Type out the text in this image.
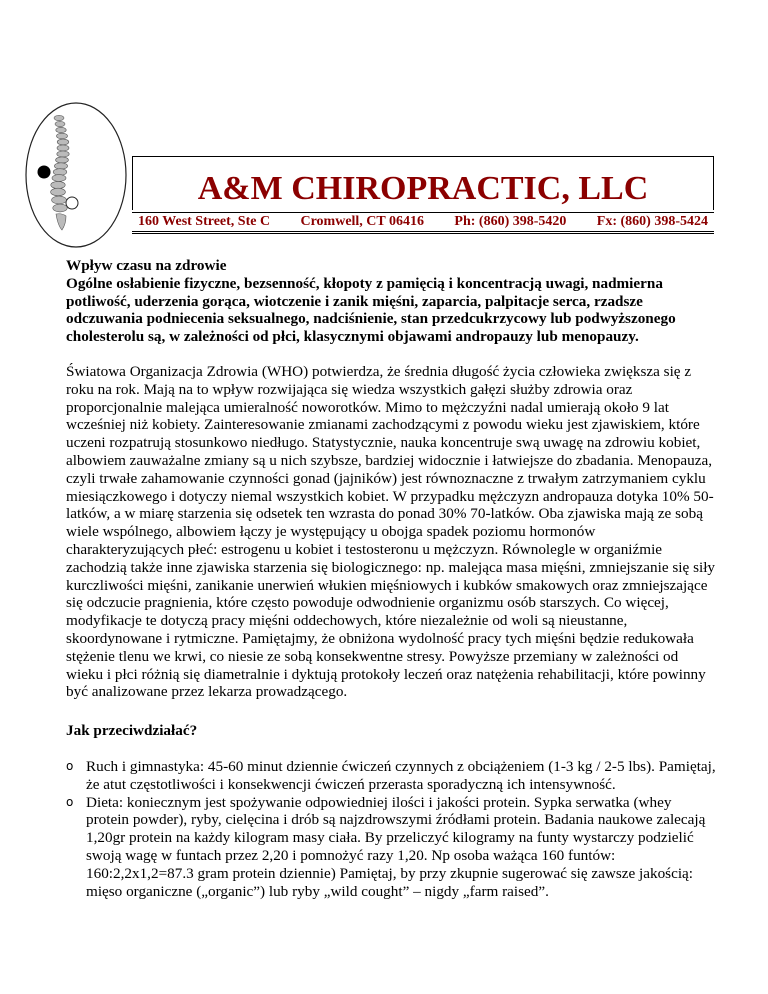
A&M CHIROPRACTIC, LLC
160 West Street, Ste C Cromwell, CT 06416 Ph: (860) 398-5420 Fx: (860) 398-5424

Wpływ czasu na zdrowie

Ogólne osłabienie fizyczne, bezsenność, kłopoty z pamięcią i koncentracją uwagi, nadmierna potliwość, uderzenia gorąca, wiotczenie i zanik mięśni, zaparcia, palpitacje serca, rzadsze odczuwania podniecenia seksualnego, nadciśnienie, stan przedcukrzycowy lub podwyższonego cholesterolu są, w zależności od płci, klasycznymi objawami andropauzy lub menopauzy.

Światowa Organizacja Zdrowia (WHO) potwierdza, że średnia długość życia człowieka zwiększa się z roku na rok. Mają na to wpływ rozwijająca się wiedza wszystkich gałęzi służby zdrowia oraz proporcjonalnie malejąca umieralność noworotków. Mimo to mężczyźni nadal umierają około 9 lat wcześniej niż kobiety. Zainteresowanie zmianami zachodzącymi z powodu wieku jest zjawiskiem, które uczeni rozpatrują stosunkowo niedługo. Statystycznie, nauka koncentruje swą uwagę na zdrowiu kobiet, albowiem zauważalne zmiany są u nich szybsze, bardziej widocznie i łatwiejsze do zbadania. Menopauza, czyli trwałe zahamowanie czynności gonad (jajników) jest równoznaczne z trwałym zatrzymaniem cyklu miesiączkowego i dotyczy niemal wszystkich kobiet. W przypadku mężczyzn andropauza dotyka 10% 50-latków, a w miarę starzenia się odsetek ten wzrasta do ponad 30% 70-latków. Oba zjawiska mają ze sobą wiele wspólnego, albowiem łączy je występujący u obojga spadek poziomu hormonów charakteryzujących płeć: estrogenu u kobiet i testosteronu u mężczyzn. Równolegle w organiźmie zachodzią także inne zjawiska starzenia się biologicznego: np. malejąca masa mięśni, zmniejszanie się siły kurczliwości mięśni, zanikanie unerwień włukien mięśniowych i kubków smakowych oraz zmniejszające się odczucie pragnienia, które często powoduje odwodnienie organizmu osób starszych. Co więcej, modyfikacje te dotyczą pracy mięśni oddechowych, które niezależnie od woli są nieustanne, skoordynowane i rytmiczne. Pamiętajmy, że obniżona wydolność pracy tych mięśni będzie redukowała stężenie tlenu we krwi, co niesie ze sobą konsekwentne stresy. Powyższe przemiany w zależności od wieku i płci różnią się diametralnie i dyktują protokoły leczeń oraz natężenia rehabilitacji, które powinny być analizowane przez lekarza prowadzącego.

Jak przeciwdziałać?

o Ruch i gimnastyka: 45-60 minut dziennie ćwiczeń czynnych z obciążeniem (1-3 kg / 2-5 lbs). Pamiętaj, że atut częstotliwości i konsekwencji ćwiczeń przerasta sporadyczną ich intensywność.
o Dieta: koniecznym jest spożywanie odpowiedniej ilości i jakości protein. Sypka serwatka (whey protein powder), ryby, cielęcina i drób są najzdrowszymi źródłami protein. Badania naukowe zalecają 1,20gr protein na każdy kilogram masy ciała. By przeliczyć kilogramy na funty wystarczy podzielić swoją wagę w funtach przez 2,20 i pomnożyć razy 1,20. Np osoba ważąca 160 funtów: 160:2,2x1,2=87.3 gram protein dziennie) Pamiętaj, by przy zkupnie sugerować się zawsze jakością: mięso organiczne („organic”) lub ryby „wild cought” – nigdy „farm raised”.
